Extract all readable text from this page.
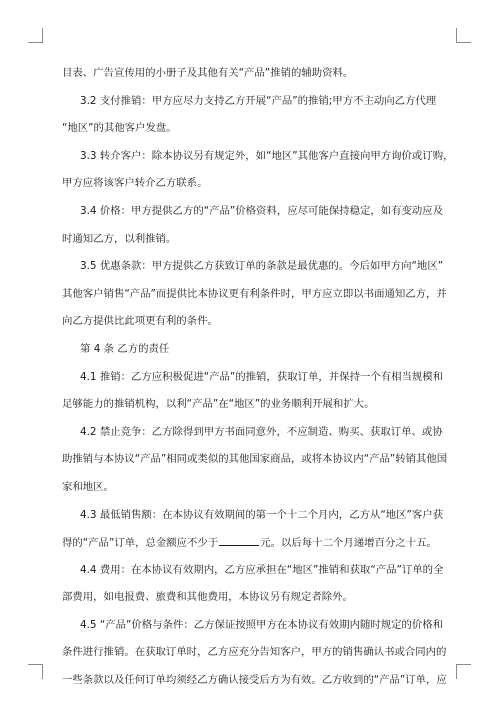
目表、广告宣传用的小册子及其他有关“产品”推销的辅助资料。
3.2 支付推销：甲方应尽力支持乙方开展“产品”的推销;甲方不主动向乙方代理
“地区”的其他客户发盘。
3.3 转介客户：除本协议另有规定外，如“地区”其他客户直接向甲方询价或订购，
甲方应将该客户转介乙方联系。
3.4 价格：甲方提供乙方的“产品”价格资料，应尽可能保持稳定，如有变动应及
时通知乙方，以利推销。
3.5 优惠条款：甲方提供乙方获致订单的条款是最优惠的。今后如甲方向“地区”
其他客户销售“产品”而提供比本协议更有利条件时，甲方应立即以书面通知乙方，并
向乙方提供比此项更有利的条件。
第 4 条 乙方的责任
4.1 推销：乙方应积极促进“产品”的推销，获取订单，并保持一个有相当规模和
足够能力的推销机构，以利“产品”在“地区”的业务顺利开展和扩大。
4.2 禁止竞争：乙方除得到甲方书面同意外，不应制造、购买、获取订单、或协
助推销与本协议“产品”相同或类似的其他国家商品，或将本协议内“产品”转销其他国
家和地区。
4.3 最低销售额：在本协议有效期间的第一个十二个月内，乙方从“地区”客户获
得的“产品”订单，总金额应不少于	元。以后每十二个月递增百分之十五。
4.4 费用：在本协议有效期内，乙方应承担在“地区”推销和获取“产品”订单的全
部费用，如电报费、旅费和其他费用，本协议另有规定者除外。
4.5 “产品”价格与条件：乙方保证按照甲方在本协议有效期内随时规定的价格和
条件进行推销。在获取订单时，乙方应充分告知客户，甲方的销售确认书或合同内的
一些条款以及任何订单均须经乙方确认接受后方为有效。乙方收到的“产品”订单，应
